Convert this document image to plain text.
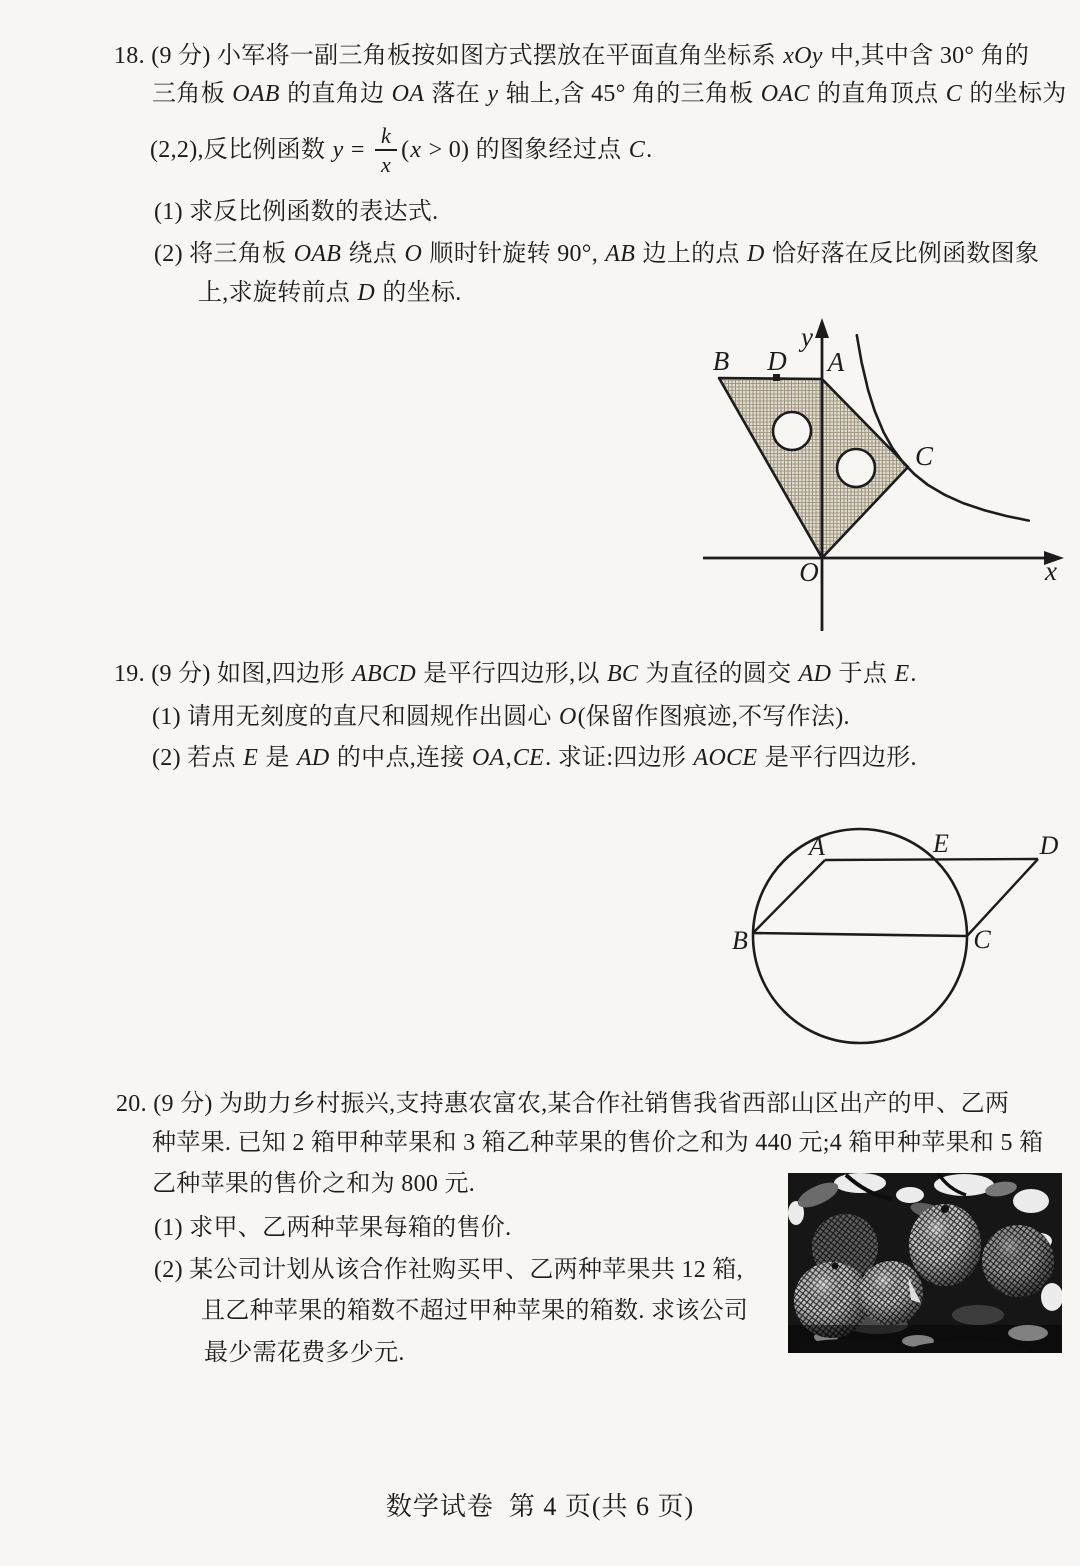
18. (9 分) 小军将一副三角板按如图方式摆放在平面直角坐标系 xOy 中,其中含 30° 角的
三角板 OAB 的直角边 OA 落在 y 轴上,含 45° 角的三角板 OAC 的直角顶点 C 的坐标为
(2,2),反比例函数 $y = \frac{k}{x}$ ( x > 0) 的图象经过点 C .
(1) 求反比例函数的表达式.
(2) 将三角板 OAB 绕点 O 顺时针旋转 90°, AB 边上的点 D 恰好落在反比例函数图象
上,求旋转前点 D 的坐标.
y
B D A
C
O	x
19. (9 分) 如图,四边形 ABCD 是平行四边形,以 BC 为直径的圆交 AD 于点 E.
(1) 请用无刻度的直尺和圆规作出圆心 O(保留作图痕迹,不写作法).
(2) 若点 E 是 AD 的中点,连接 OA,CE. 求证:四边形 AOCE 是平行四边形.
A	E	D
B	C
20. (9 分) 为助力乡村振兴,支持惠农富农,某合作社销售我省西部山区出产的甲、乙两
种苹果. 已知 2 箱甲种苹果和 3 箱乙种苹果的售价之和为 440 元;4 箱甲种苹果和 5 箱
乙种苹果的售价之和为 800 元.
(1) 求甲、乙两种苹果每箱的售价.
(2) 某公司计划从该合作社购买甲、乙两种苹果共 12 箱,
且乙种苹果的箱数不超过甲种苹果的箱数. 求该公司
最少需花费多少元.
数学试卷  第 4 页(共 6 页)
